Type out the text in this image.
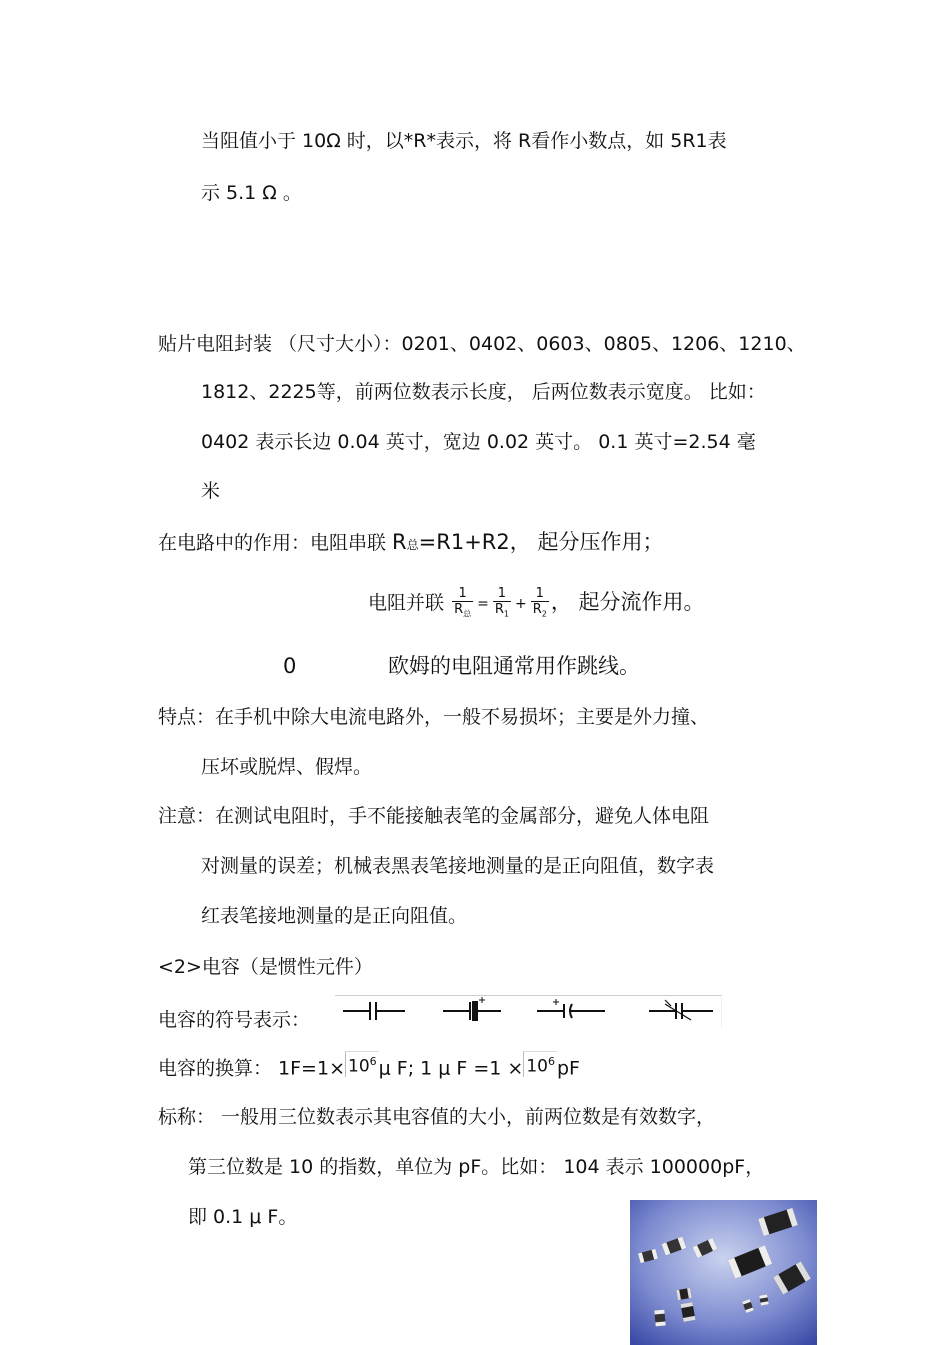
当阻值小于 10Ω 时，以*R*表示，将 R看作小数点，如 5R1表
示 5.1 Ω 。
贴片电阻封装 （尺寸大小）：0201、0402、0603、0805、1206、1210、
1812、2225等，前两位数表示长度， 后两位数表示宽度。 比如：
0402 表示长边 0.04 英寸，宽边 0.02 英寸。 0.1 英寸=2.54 毫
米
在电路中的作用：电阻串联 R总=R1+R2， 起分压作用；
电阻并联 $\frac{1}{R_总} = \frac{1}{R_1} + \frac{1}{R_2}$ ， 起分流作用。
0	欧姆的电阻通常用作跳线。
特点：在手机中除大电流电路外，一般不易损坏；主要是外力撞、
压坏或脱焊、假焊。
注意：在测试电阻时，手不能接触表笔的金属部分，避免人体电阻
对测量的误差；机械表黑表笔接地测量的是正向阻值，数字表
红表笔接地测量的是正向阻值。
<2>电容（是惯性元件）
电容的符号表示：
电容的换算： $1F=1\times 10^6$ μ F; 1 μ $F =1 \times 10^6$ pF
标称： 一般用三位数表示其电容值的大小，前两位数是有效数字，
第三位数是 10 的指数，单位为 pF。比如： 104 表示 100000pF，
即 0.1 μ F。
